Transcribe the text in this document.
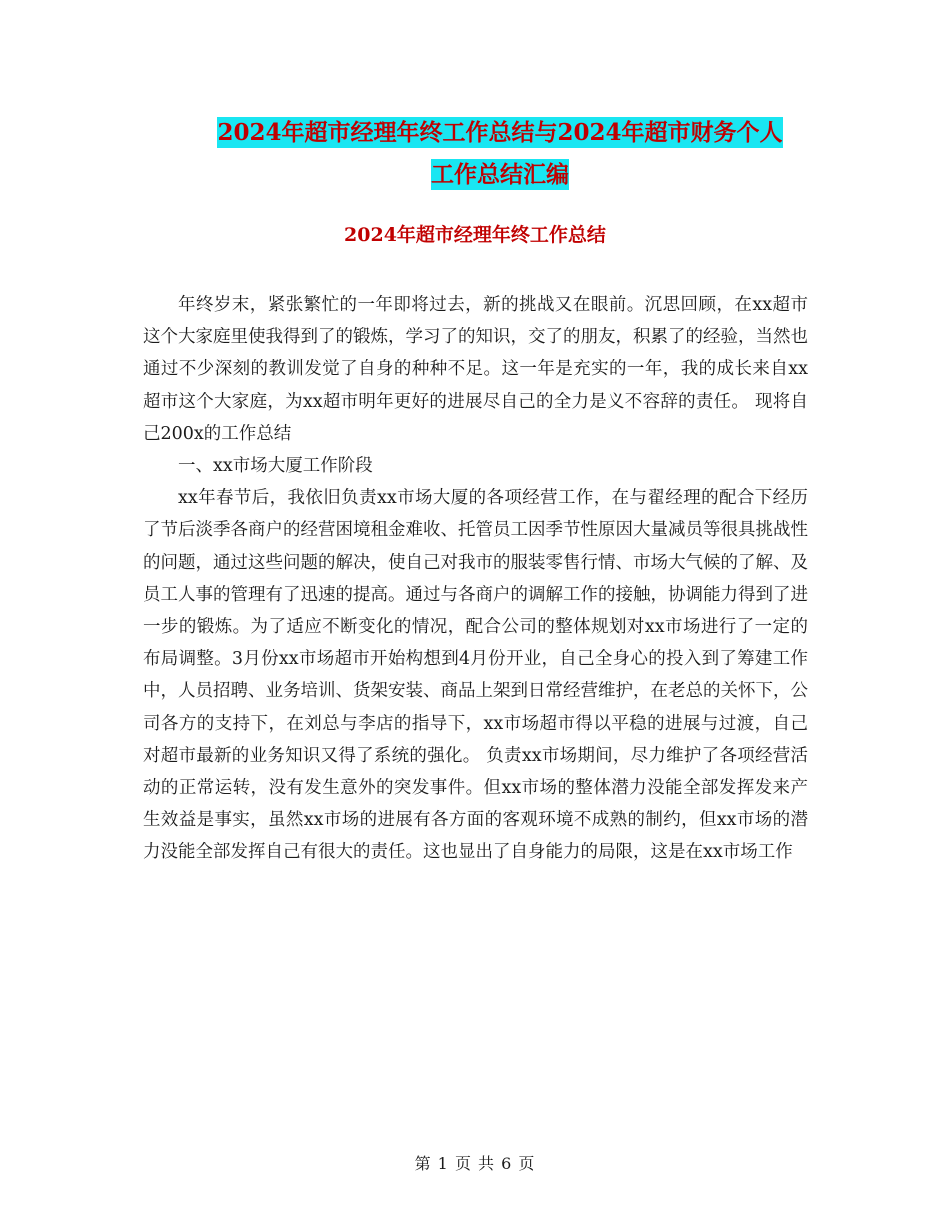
2024年超市经理年终工作总结与2024年超市财务个人
工作总结汇编
2024年超市经理年终工作总结

年终岁末，紧张繁忙的一年即将过去，新的挑战又在眼前。沉思回顾，在xx超市这个大家庭里使我得到了的锻炼，学习了的知识，交了的朋友，积累了的经验，当然也通过不少深刻的教训发觉了自身的种种不足。这一年是充实的一年，我的成长来自xx超市这个大家庭，为xx超市明年更好的进展尽自己的全力是义不容辞的责任。 现将自己200x的工作总结

一、xx市场大厦工作阶段

xx年春节后，我依旧负责xx市场大厦的各项经营工作，在与翟经理的配合下经历了节后淡季各商户的经营困境租金难收、托管员工因季节性原因大量减员等很具挑战性的问题，通过这些问题的解决，使自己对我市的服装零售行情、市场大气候的了解、及员工人事的管理有了迅速的提高。通过与各商户的调解工作的接触，协调能力得到了进一步的锻炼。为了适应不断变化的情况，配合公司的整体规划对xx市场进行了一定的布局调整。3月份xx市场超市开始构想到4月份开业，自己全身心的投入到了筹建工作中，人员招聘、业务培训、货架安装、商品上架到日常经营维护，在老总的关怀下，公司各方的支持下，在刘总与李店的指导下，xx市场超市得以平稳的进展与过渡，自己对超市最新的业务知识又得了系统的强化。 负责xx市场期间，尽力维护了各项经营活动的正常运转，没有发生意外的突发事件。但xx市场的整体潜力没能全部发挥发来产生效益是事实，虽然xx市场的进展有各方面的客观环境不成熟的制约，但xx市场的潜力没能全部发挥自己有很大的责任。这也显出了自身能力的局限，这是在xx市场工作

第 1 页 共 6 页
